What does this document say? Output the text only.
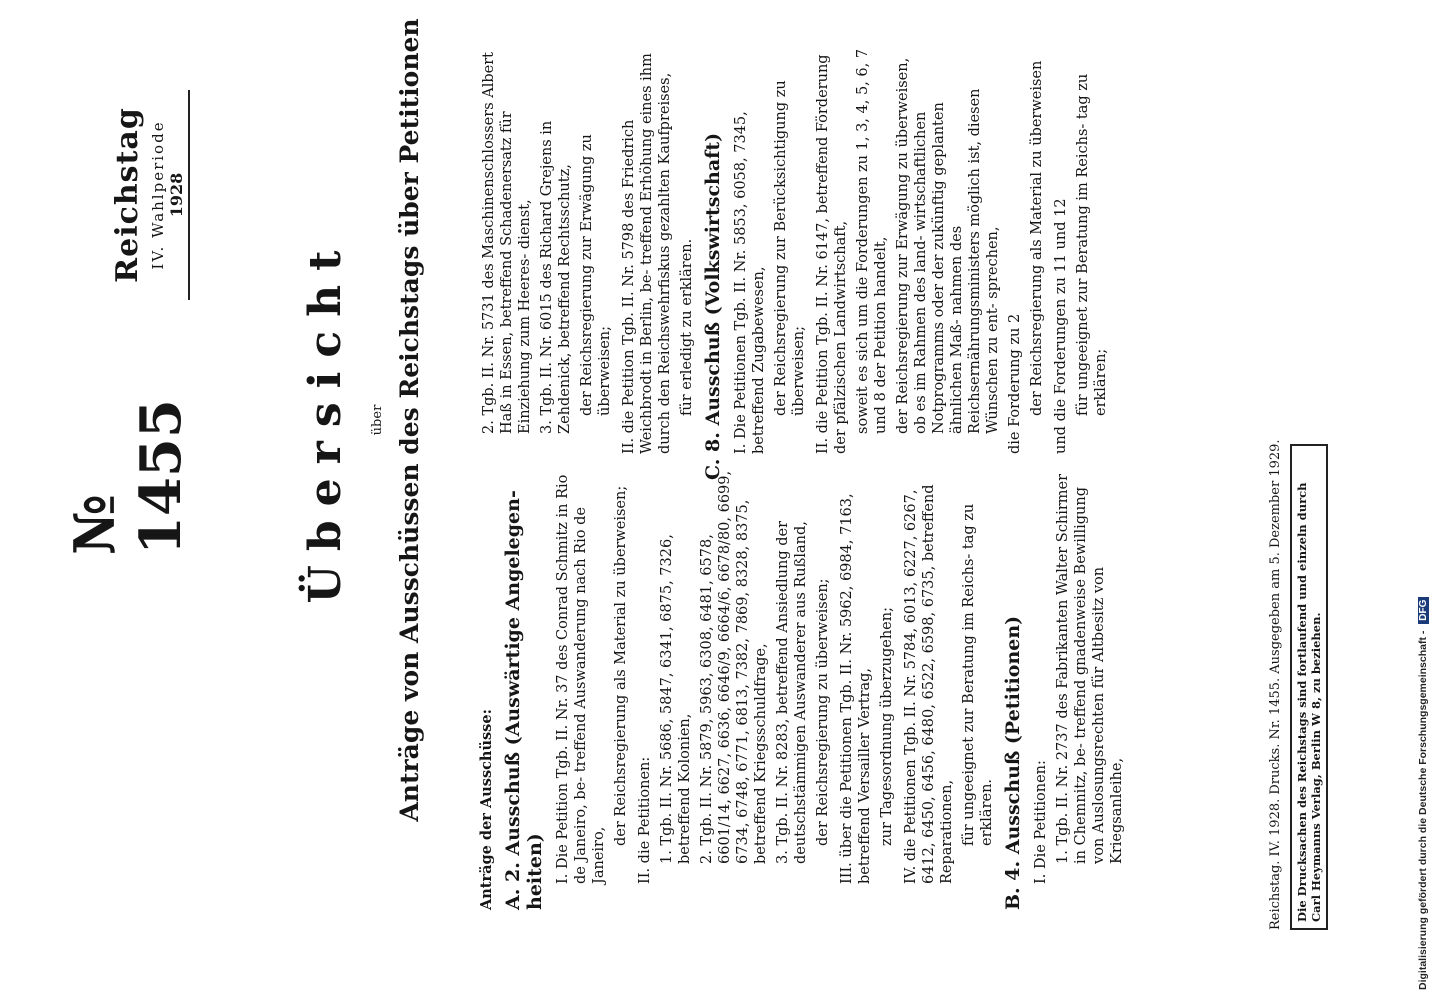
Reichstag IV. Wahlperiode 1928
№ 1455 Übersicht über Anträge von Ausschüssen des Reichstags über Petitionen	Anträge der Ausschüsse: A. 2. Ausschuß (Auswärtige Angelegen- heiten) I. Die Petition Tgb. II. Nr. 37 des Conrad Schmitz in Rio de Janeiro, be- treffend Auswanderung nach Rio de Janeiro,
der Reichsregierung als Material zu überweisen; II. die Petitionen: 1. Tgb. II. Nr. 5686, 5847, 6341, 6875, 7326, betreffend Kolonien, 2. Tgb. II. Nr. 5879, 5963, 6308, 6481, 6578, 6601/14, 6627, 6636, 6646/9, 6664/6, 6678/80, 6699, 6734, 6748, 6771, 6813, 7382, 7869, 8328, 8375, betreffend Kriegsschuldfrage, 3. Tgb. II. Nr. 8283, betreffend Ansiedlung der deutschstämmigen Auswanderer aus Rußland, der Reichsregierung zu überweisen; III. über die Petitionen Tgb. II. Nr. 5962, 6984, 7163, betreffend Versailler Vertrag, zur Tagesordnung überzugehen; IV. die Petitionen Tgb. II. Nr. 5784, 6013, 6227, 6267, 6412, 6450, 6456, 6480, 6522, 6598, 6735, betreffend Reparationen, für ungeeignet zur Beratung im Reichs- tag zu erklären. B. 4. Ausschuß (Petitionen) I. Die Petitionen: 1. Tgb. II. Nr. 2737 des Fabrikanten Walter Schirmer in Chemnitz, be- treffend gnadenweise Bewilligung von Auslosungsrechten für Altbesitz von Kriegsanleihe,
2. Tgb. II. Nr. 5731 des Maschinenschlossers Albert Haß in Essen, betreffend Schadenersatz für Einziehung zum Heeres- dienst, 3. Tgb. II. Nr. 6015 des Richard Grejens in Zehdenick, betreffend Rechtsschutz, der Reichsregierung zur Erwägung zu überweisen; II. die Petition Tgb. II. Nr. 5798 des Friedrich Weichbrodt in Berlin, be- treffend Erhöhung eines ihm durch den Reichswehrfiskus gezahlten Kaufpreises, für erledigt zu erklären. C. 8. Ausschuß (Volkswirtschaft) I. Die Petitionen Tgb. II. Nr. 5853, 6058, 7345, betreffend Zugabewesen, der Reichsregierung zur Berücksichtigung zu überweisen; II. die Petition Tgb. II. Nr. 6147, betreffend Förderung der pfälzischen Landwirtschaft, soweit es sich um die Forderungen zu 1, 3, 4, 5, 6, 7 und 8 der Petition handelt, der Reichsregierung zur Erwägung zu überweisen, ob es im Rahmen des land- wirtschaftlichen Notprogramms oder der zukünftig geplanten ähnlichen Maß- nahmen des Reichsernährungsministers möglich ist, diesen Wünschen zu ent- sprechen, die Forderung zu 2 der Reichsregierung als Material zu überweisen und die Forderungen zu 11 und 12 für ungeeignet zur Beratung im Reichs- tag zu erklären;
Reichstag. IV. 1928. Drucks. Nr. 1455. Ausgegeben am 5. Dezember 1929.	Die Drucksachen des Reichstags sind fortlaufend und einzeln durch Carl Heymanns Verlag, Berlin W 8, zu beziehen.	Digitalisierung gefördert durch die Deutsche Forschungsgemeinschaft - DFG
